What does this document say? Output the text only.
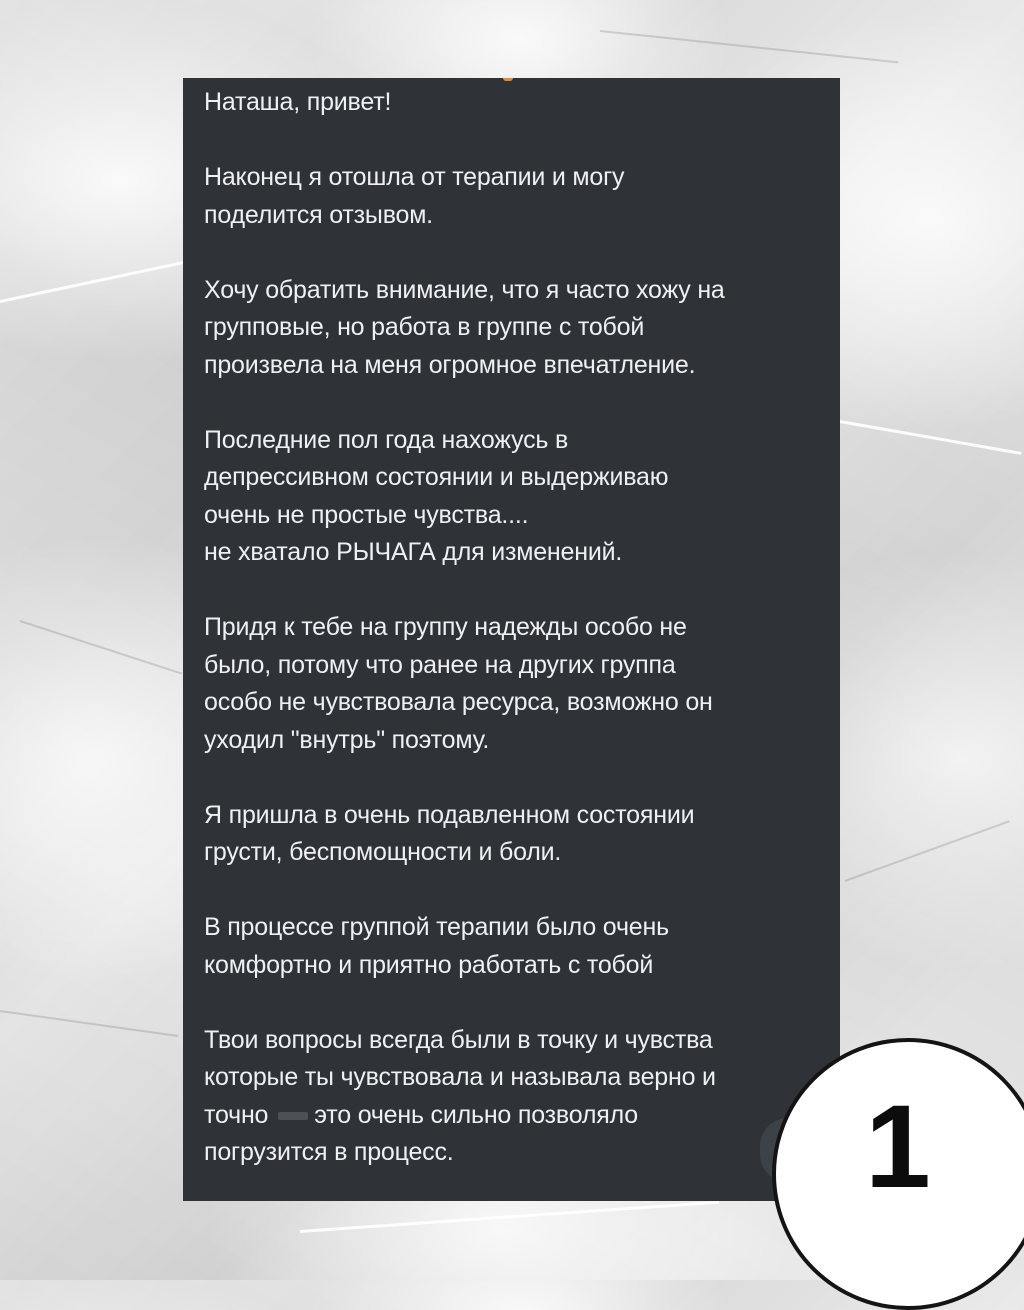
Наташа, привет!

Наконец я отошла от терапии и могу
поделится отзывом.

Хочу обратить внимание, что я часто хожу на
групповые, но работа в группе с тобой
произвела на меня огромное впечатление.

Последние пол года нахожусь в
депрессивном состоянии и выдерживаю
очень не простые чувства....
не хватало РЫЧАГА для изменений.

Придя к тебе на группу надежды особо не
было, потому что ранее на других группа
особо не чувствовала ресурса, возможно он
уходил "внутрь" поэтому.

Я пришла в очень подавленном состоянии
грусти, беспомощности и боли.

В процессе группой терапии было очень
комфортно и приятно работать с тобой

Твои вопросы всегда были в точку и чувства
которые ты чувствовала и называла верно и
точно это очень сильно позволяло
погрузится в процесс.	1
